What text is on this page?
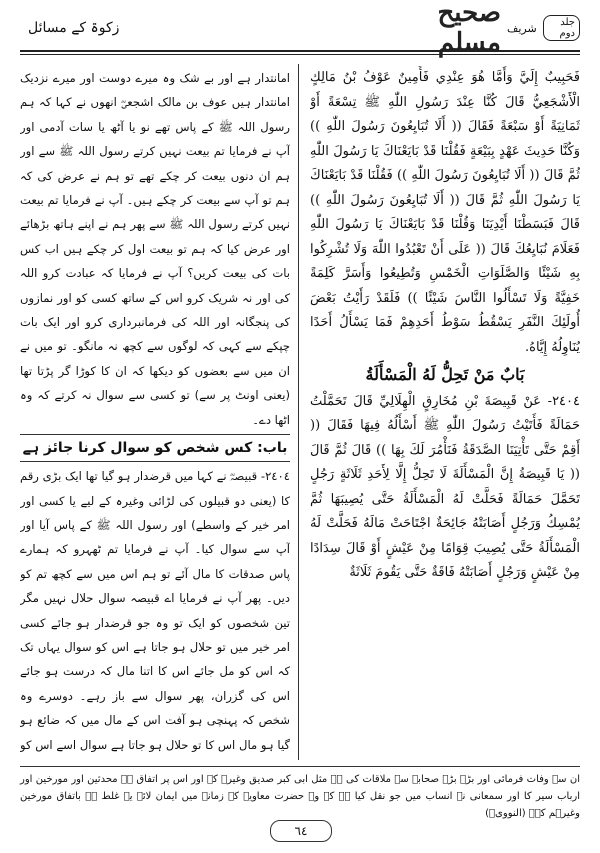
صحیح مسلم شریف	جلد دوم
زکوۃ کے مسائل

فَحَبِيبٌ إِلَيَّ وَأَمَّا هُوَ عِنْدِي فَأَمِينٌ عَوْفُ بْنُ مَالِكٍ الْأَشْجَعِيُّ قَالَ كُنَّا عِنْدَ رَسُولِ اللّٰهِ ﷺ تِسْعَةً أَوْ ثَمَانِيَةً أَوْ سَبْعَةً فَقَالَ (( أَلَا تُبَايِعُونَ رَسُولَ اللّٰهِ )) وَكُنَّا حَدِيثَ عَهْدٍ بِبَيْعَةٍ فَقُلْنَا قَدْ بَايَعْنَاكَ يَا رَسُولَ اللّٰهِ ثُمَّ قَالَ (( أَلَا تُبَايِعُونَ رَسُولَ اللّٰهِ )) فَقُلْنَا قَدْ بَايَعْنَاكَ يَا رَسُولَ اللّٰهِ ثُمَّ قَالَ (( أَلَا تُبَايِعُونَ رَسُولَ اللّٰهِ )) قَالَ فَبَسَطْنَا أَيْدِيَنَا وَقُلْنَا قَدْ بَايَعْنَاكَ يَا رَسُولَ اللّٰهِ فَعَلَامَ نُبَايِعُكَ قَالَ (( عَلَى أَنْ تَعْبُدُوا اللّٰهَ وَلَا تُشْرِكُوا بِهِ شَيْئًا وَالصَّلَوَاتِ الْخَمْسِ وَتُطِيعُوا وَأَسَرَّ كَلِمَةً خَفِيَّةً وَلَا تَسْأَلُوا النَّاسَ شَيْئًا )) فَلَقَدْ رَأَيْتُ بَعْضَ أُولَئِكَ النَّفَرِ يَسْقُطُ سَوْطُ أَحَدِهِمْ فَمَا يَسْأَلُ أَحَدًا يُنَاوِلُهُ إِيَّاهُ.

بَابٌ مَنْ تَحِلُّ لَهُ الْمَسْأَلَةُ

٢٤٠٤- عَنْ قَبِيصَةَ بْنِ مُخَارِقٍ الْهِلَالِيِّ قَالَ تَحَمَّلْتُ حَمَالَةً فَأَتَيْتُ رَسُولَ اللّٰهِ ﷺ أَسْأَلُهُ فِيهَا فَقَالَ (( أَقِمْ حَتَّى تَأْتِيَنَا الصَّدَقَةُ فَنَأْمُرَ لَكَ بِهَا )) قَالَ ثُمَّ قَالَ (( يَا قَبِيصَةُ إِنَّ الْمَسْأَلَةَ لَا تَحِلُّ إِلَّا لِأَحَدِ ثَلَاثَةٍ رَجُلٍ تَحَمَّلَ حَمَالَةً فَحَلَّتْ لَهُ الْمَسْأَلَةُ حَتَّى يُصِيبَهَا ثُمَّ يُمْسِكُ وَرَجُلٍ أَصَابَتْهُ جَائِحَةٌ اجْتَاحَتْ مَالَهُ فَحَلَّتْ لَهُ الْمَسْأَلَةُ حَتَّى يُصِيبَ قِوَامًا مِنْ عَيْشٍ أَوْ قَالَ سِدَادًا مِنْ عَيْشٍ وَرَجُلٍ أَصَابَتْهُ فَاقَةٌ حَتَّى يَقُومَ ثَلَاثَةٌ

امانتدار ہے اور بے شک وہ میرے دوست اور میرے نزدیک امانتدار ہیں عوف بن مالک اشجعیؓ انھوں نے کہا کہ ہم رسول اللہ ﷺ کے پاس تھے نو یا آٹھ یا سات آدمی اور آپ نے فرمایا تم بیعت نہیں کرتے رسول اللہ ﷺ سے اور ہم ان دنوں بیعت کر چکے تھے تو ہم نے عرض کی کہ ہم تو آپ سے بیعت کر چکے ہیں۔ آپ نے فرمایا تم بیعت نہیں کرتے رسول اللہ ﷺ سے پھر ہم نے اپنے ہاتھ بڑھائے اور عرض کیا کہ ہم تو بیعت اول کر چکے ہیں اب کس بات کی بیعت کریں؟ آپ نے فرمایا کہ عبادت کرو اللہ کی اور نہ شریک کرو اس کے ساتھ کسی کو اور نمازوں کی پنجگانہ اور اللہ کی فرمانبرداری کرو اور ایک بات چپکے سے کہی کہ لوگوں سے کچھ نہ مانگو۔ تو میں نے ان میں سے بعضوں کو دیکھا کہ ان کا کوڑا گر پڑتا تھا (یعنی اونٹ پر سے) تو کسی سے سوال نہ کرتے کہ وہ اٹھا دے۔

باب: کس شخص کو سوال کرنا جائز ہے

٢٤٠٤- قبیصہؓ نے کہا میں قرضدار ہو گیا تھا ایک بڑی رقم کا (یعنی دو قبیلوں کی لڑائی وغیرہ کے لیے یا کسی اور امر خیر کے واسطے) اور رسول اللہ ﷺ کے پاس آیا اور آپ سے سوال کیا۔ آپ نے فرمایا تم ٹھہرو کہ ہمارے پاس صدقات کا مال آئے تو ہم اس میں سے کچھ تم کو دیں۔ پھر آپ نے فرمایا اے قبیصہ سوال حلال نہیں مگر تین شخصوں کو ایک تو وہ جو قرضدار ہو جائے کسی امر خیر میں تو حلال ہو جاتا ہے اس کو سوال یہاں تک کہ اس کو مل جائے اس کا اتنا مال کہ درست ہو جائے اس کی گزران، پھر سوال سے باز رہے۔ دوسرے وہ شخص کہ پہنچی ہو آفت اس کے مال میں کہ ضائع ہو گیا ہو مال اس کا تو حلال ہو جاتا ہے سوال اسے اس کو

ان سے وفات فرمائی اور بڑے بڑے صحابہ سے ملاقات کی ہے مثل ابی کبر صدیق وغیرہ کے اور اس پر اتفاق ہے محدثین اور مورخین اور ارباب سیر کا اور سمعانی نے انساب میں جو نقل کیا ہے کہ وہ حضرت معاویہ کے زمانہ میں ایمان لائے یہ غلط ہے باتفاق مورخین وغیرہم کے۔ (النوویؒ)

٦٤
